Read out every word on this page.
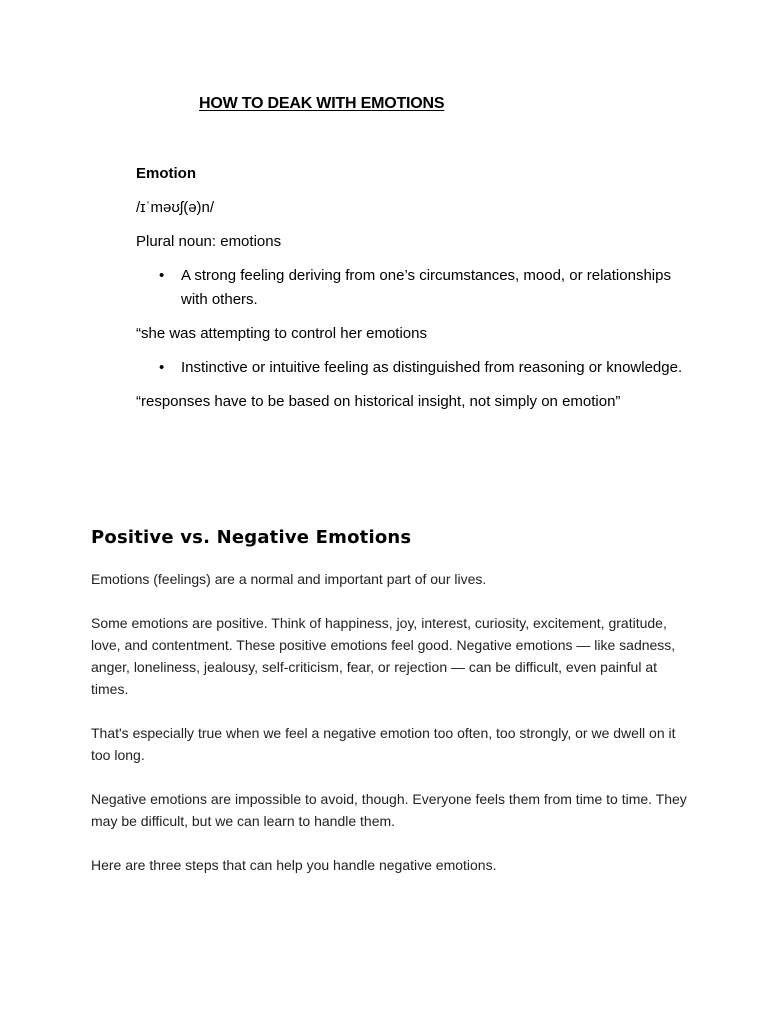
HOW TO DEAK WITH EMOTIONS

Emotion

/ɪˈməʊʃ(ə)n/

Plural noun: emotions

• A strong feeling deriving from one’s circumstances, mood, or relationships with others.

“she was attempting to control her emotions

• Instinctive or intuitive feeling as distinguished from reasoning or knowledge.

“responses have to be based on historical insight, not simply on emotion”

Positive vs. Negative Emotions

Emotions (feelings) are a normal and important part of our lives.

Some emotions are positive. Think of happiness, joy, interest, curiosity, excitement, gratitude, love, and contentment. These positive emotions feel good. Negative emotions — like sadness, anger, loneliness, jealousy, self-criticism, fear, or rejection — can be difficult, even painful at times.

That's especially true when we feel a negative emotion too often, too strongly, or we dwell on it too long.

Negative emotions are impossible to avoid, though. Everyone feels them from time to time. They may be difficult, but we can learn to handle them.

Here are three steps that can help you handle negative emotions.
